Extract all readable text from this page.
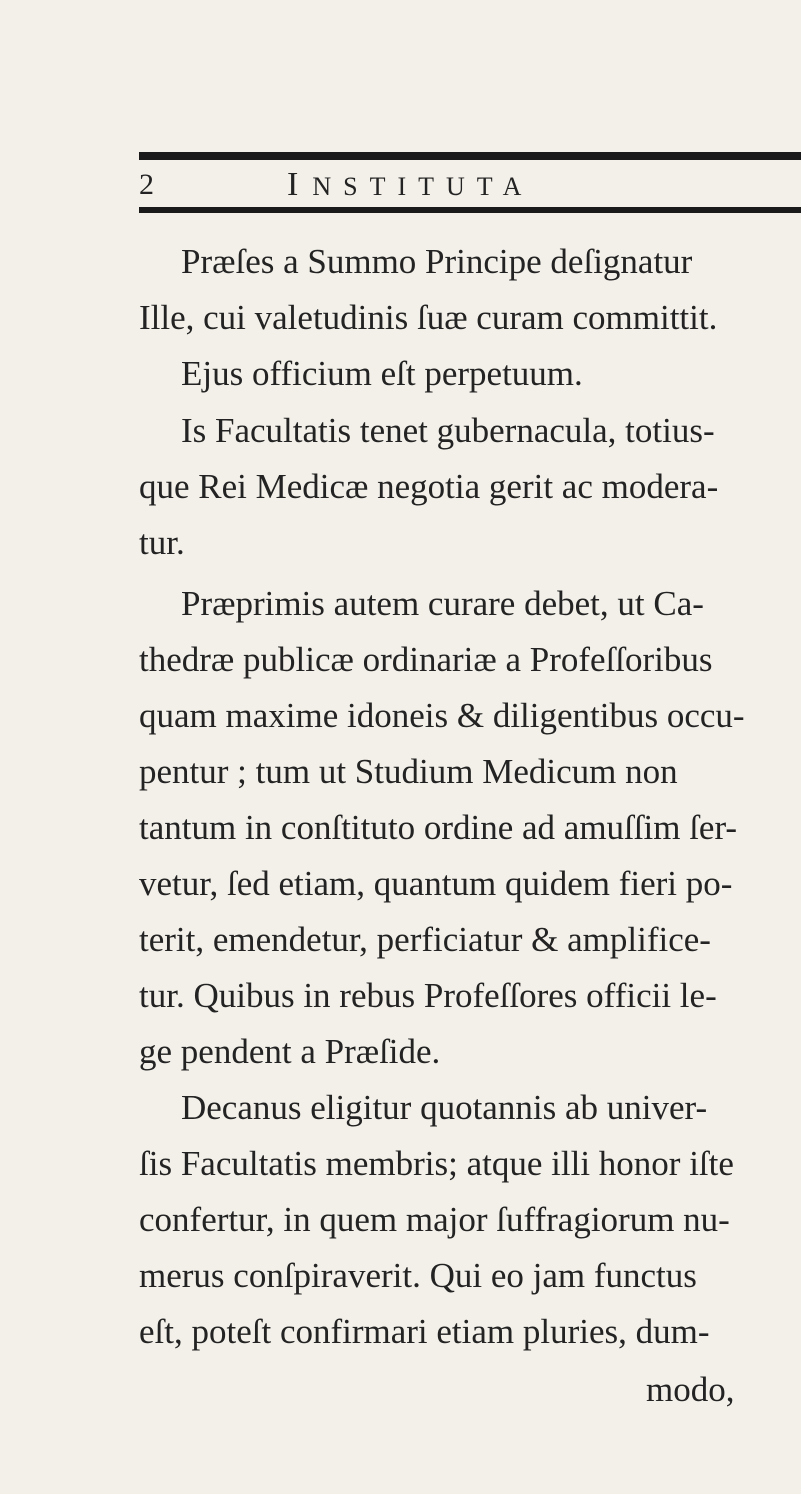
2	INSTITUTA
Præſes a Summo Principe deſignatur
Ille, cui valetudinis ſuæ curam committit.
Ejus officium eſt perpetuum.
Is Facultatis tenet gubernacula, totius-
que Rei Medicæ negotia gerit ac modera-
tur.
Præprimis autem curare debet, ut Ca-
thedræ publicæ ordinariæ a Profeſſoribus
quam maxime idoneis & diligentibus occu-
pentur ; tum ut Studium Medicum non
tantum in conſtituto ordine ad amuſſim ſer-
vetur, ſed etiam, quantum quidem fieri po-
terit, emendetur, perficiatur & amplifice-
tur. Quibus in rebus Profeſſores officii le-
ge pendent a Præſide.
Decanus eligitur quotannis ab univer-
ſis Facultatis membris; atque illi honor iſte
confertur, in quem major ſuffragiorum nu-
merus conſpiraverit. Qui eo jam functus
eſt, poteſt confirmari etiam pluries, dum-
modo,
